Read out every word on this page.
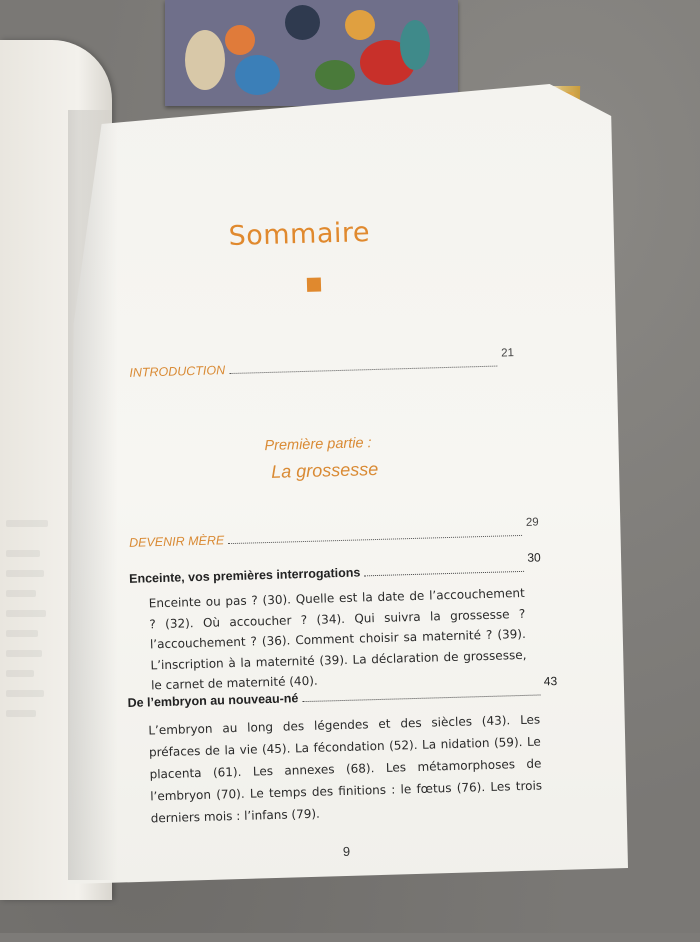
Sommaire
INTRODUCTION
21
Première partie :
La grossesse
DEVENIR MÈRE
29
Enceinte, vos premières interrogations
30
Enceinte ou pas ? (30). Quelle est la date de l’accouchement ? (32). Où accoucher ? (34). Qui suivra la grossesse ? l’accouchement ? (36). Comment choisir sa maternité ? (39). L’inscription à la maternité (39). La déclaration de grossesse, le carnet de maternité (40).
De l’embryon au nouveau-né
43
L’embryon au long des légendes et des siècles (43). Les préfaces de la vie (45). La fécondation (52). La nidation (59). Le placenta (61). Les annexes (68). Les métamorphoses de l’embryon (70). Le temps des finitions : le fœtus (76). Les trois derniers mois : l’infans (79).
9
